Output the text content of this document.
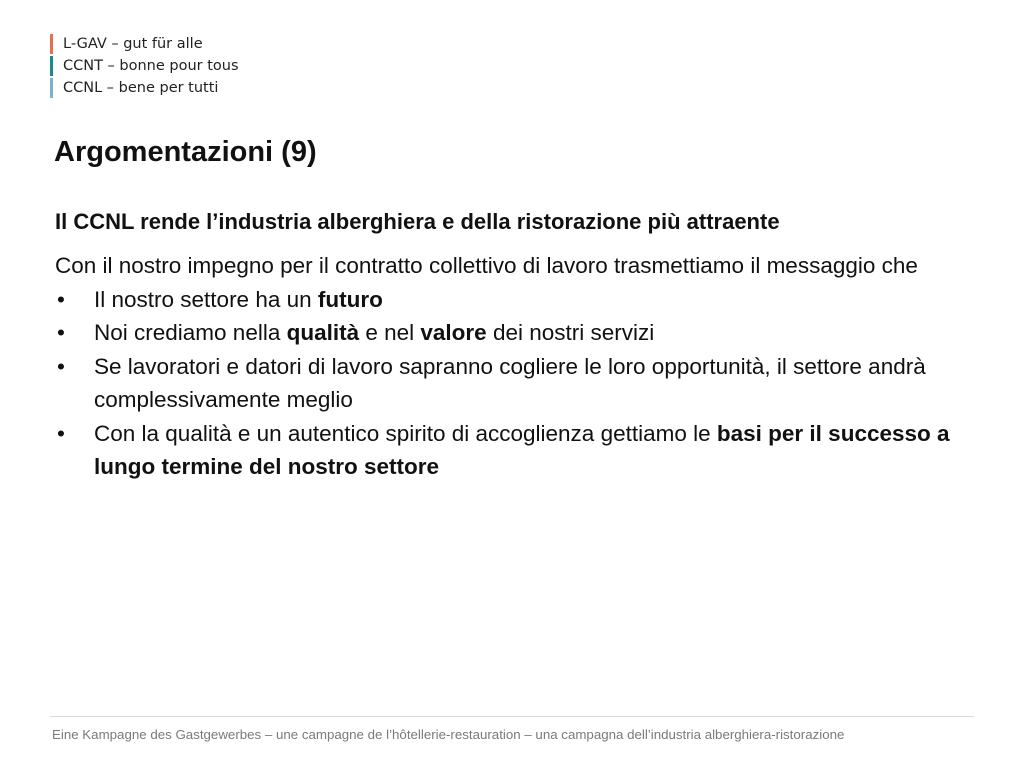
L-GAV – gut für alle
CCNT – bonne pour tous
CCNL – bene per tutti
Argomentazioni (9)

Il CCNL rende l’industria alberghiera e della ristorazione più attraente

Con il nostro impegno per il contratto collettivo di lavoro trasmettiamo il messaggio che

• Il nostro settore ha un futuro
• Noi crediamo nella qualità e nel valore dei nostri servizi
• Se lavoratori e datori di lavoro sapranno cogliere le loro opportunità, il settore andrà complessivamente meglio
• Con la qualità e un autentico spirito di accoglienza gettiamo le basi per il successo a lungo termine del nostro settore
Eine Kampagne des Gastgewerbes – une campagne de l’hôtellerie-restauration – una campagna dell’industria alberghiera-ristorazione
